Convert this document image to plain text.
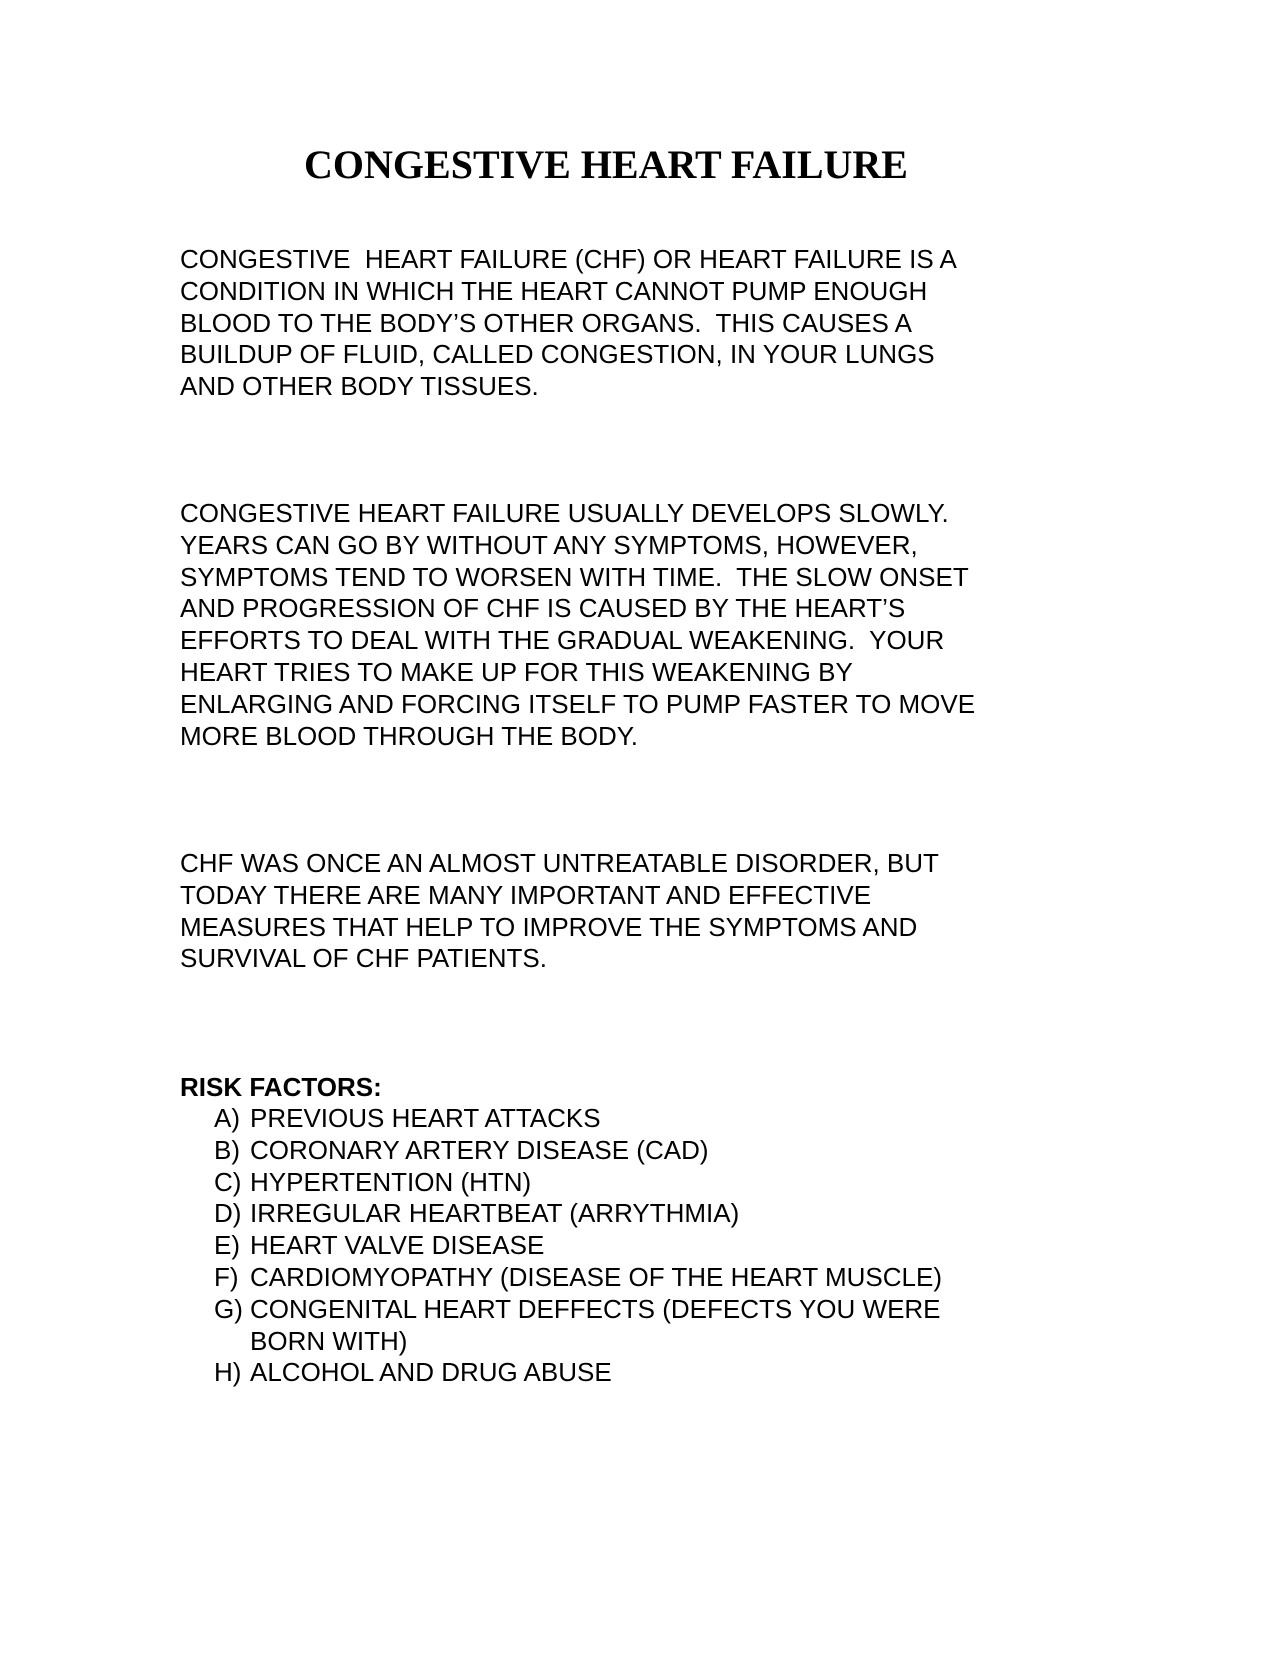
CONGESTIVE HEART FAILURE

CONGESTIVE  HEART FAILURE (CHF) OR HEART FAILURE IS A
CONDITION IN WHICH THE HEART CANNOT PUMP ENOUGH
BLOOD TO THE BODY’S OTHER ORGANS.  THIS CAUSES A
BUILDUP OF FLUID, CALLED CONGESTION, IN YOUR LUNGS
AND OTHER BODY TISSUES.

CONGESTIVE HEART FAILURE USUALLY DEVELOPS SLOWLY.
YEARS CAN GO BY WITHOUT ANY SYMPTOMS, HOWEVER,
SYMPTOMS TEND TO WORSEN WITH TIME.  THE SLOW ONSET
AND PROGRESSION OF CHF IS CAUSED BY THE HEART’S
EFFORTS TO DEAL WITH THE GRADUAL WEAKENING.  YOUR
HEART TRIES TO MAKE UP FOR THIS WEAKENING BY
ENLARGING AND FORCING ITSELF TO PUMP FASTER TO MOVE
MORE BLOOD THROUGH THE BODY.

CHF WAS ONCE AN ALMOST UNTREATABLE DISORDER, BUT
TODAY THERE ARE MANY IMPORTANT AND EFFECTIVE
MEASURES THAT HELP TO IMPROVE THE SYMPTOMS AND
SURVIVAL OF CHF PATIENTS.

RISK FACTORS:
A) PREVIOUS HEART ATTACKS
B) CORONARY ARTERY DISEASE (CAD)
C) HYPERTENTION (HTN)
D) IRREGULAR HEARTBEAT (ARRYTHMIA)
E) HEART VALVE DISEASE
F) CARDIOMYOPATHY (DISEASE OF THE HEART MUSCLE)
G) CONGENITAL HEART DEFFECTS (DEFECTS YOU WERE
BORN WITH)
H) ALCOHOL AND DRUG ABUSE
